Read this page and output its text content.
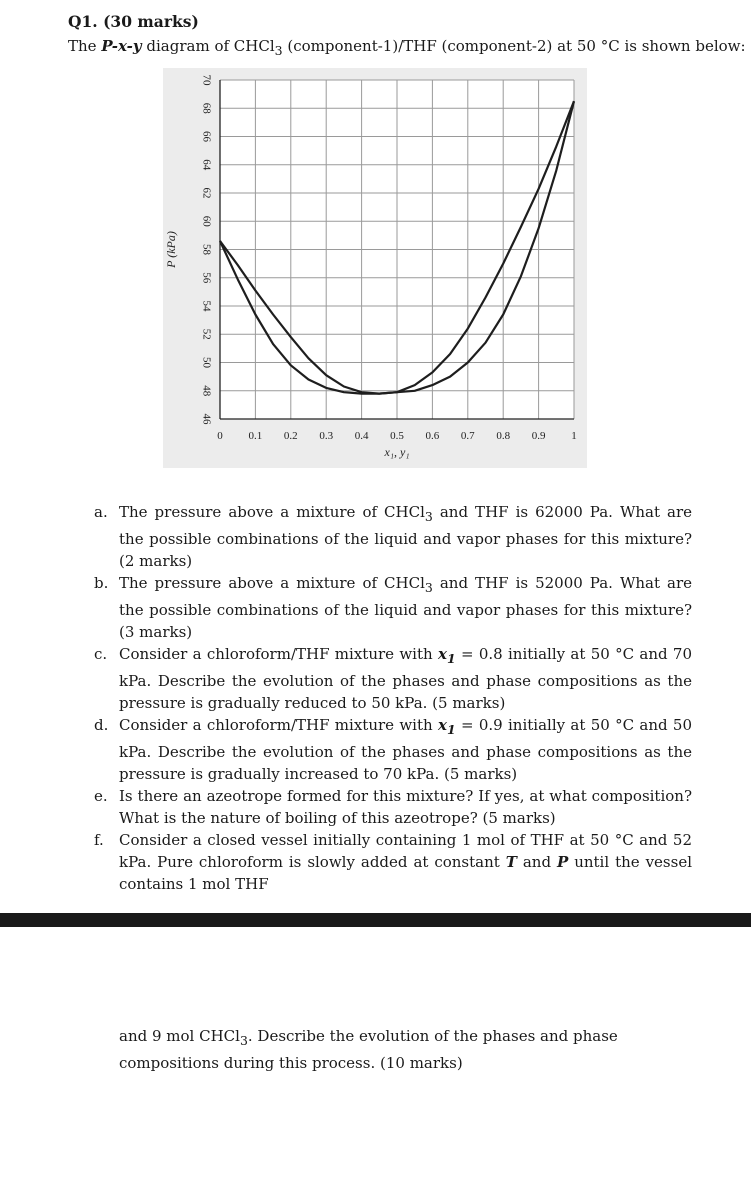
Q1. (30 marks)
The P-x-y diagram of CHCl$_3$ (component-1)/THF (component-2) at 50 °C is shown below:
0 0.1 0.2 0.3 0.4 0.5 0.6 0.7 0.8 0.9 1
46
48
50
52
54
56
58
60
62
64
66
68
70
x₁, y₁
P (kPa)
a. The pressure above a mixture of CHCl$_3$ and THF is 62000 Pa. What are the possible combinations of the liquid and vapor phases for this mixture? (2 marks)
b. The pressure above a mixture of CHCl$_3$ and THF is 52000 Pa. What are the possible combinations of the liquid and vapor phases for this mixture? (3 marks)
c. Consider a chloroform/THF mixture with $x_1 = 0.8$ initially at 50 °C and 70 kPa. Describe the evolution of the phases and phase compositions as the pressure is gradually reduced to 50 kPa. (5 marks)
d. Consider a chloroform/THF mixture with $x_1 = 0.9$ initially at 50 °C and 50 kPa. Describe the evolution of the phases and phase compositions as the pressure is gradually increased to 70 kPa. (5 marks)
e. Is there an azeotrope formed for this mixture? If yes, at what composition? What is the nature of boiling of this azeotrope? (5 marks)
f. Consider a closed vessel initially containing 1 mol of THF at 50 °C and 52 kPa. Pure chloroform is slowly added at constant T and P until the vessel contains 1 mol THF
and 9 mol CHCl$_3$. Describe the evolution of the phases and phase compositions during this process. (10 marks)
